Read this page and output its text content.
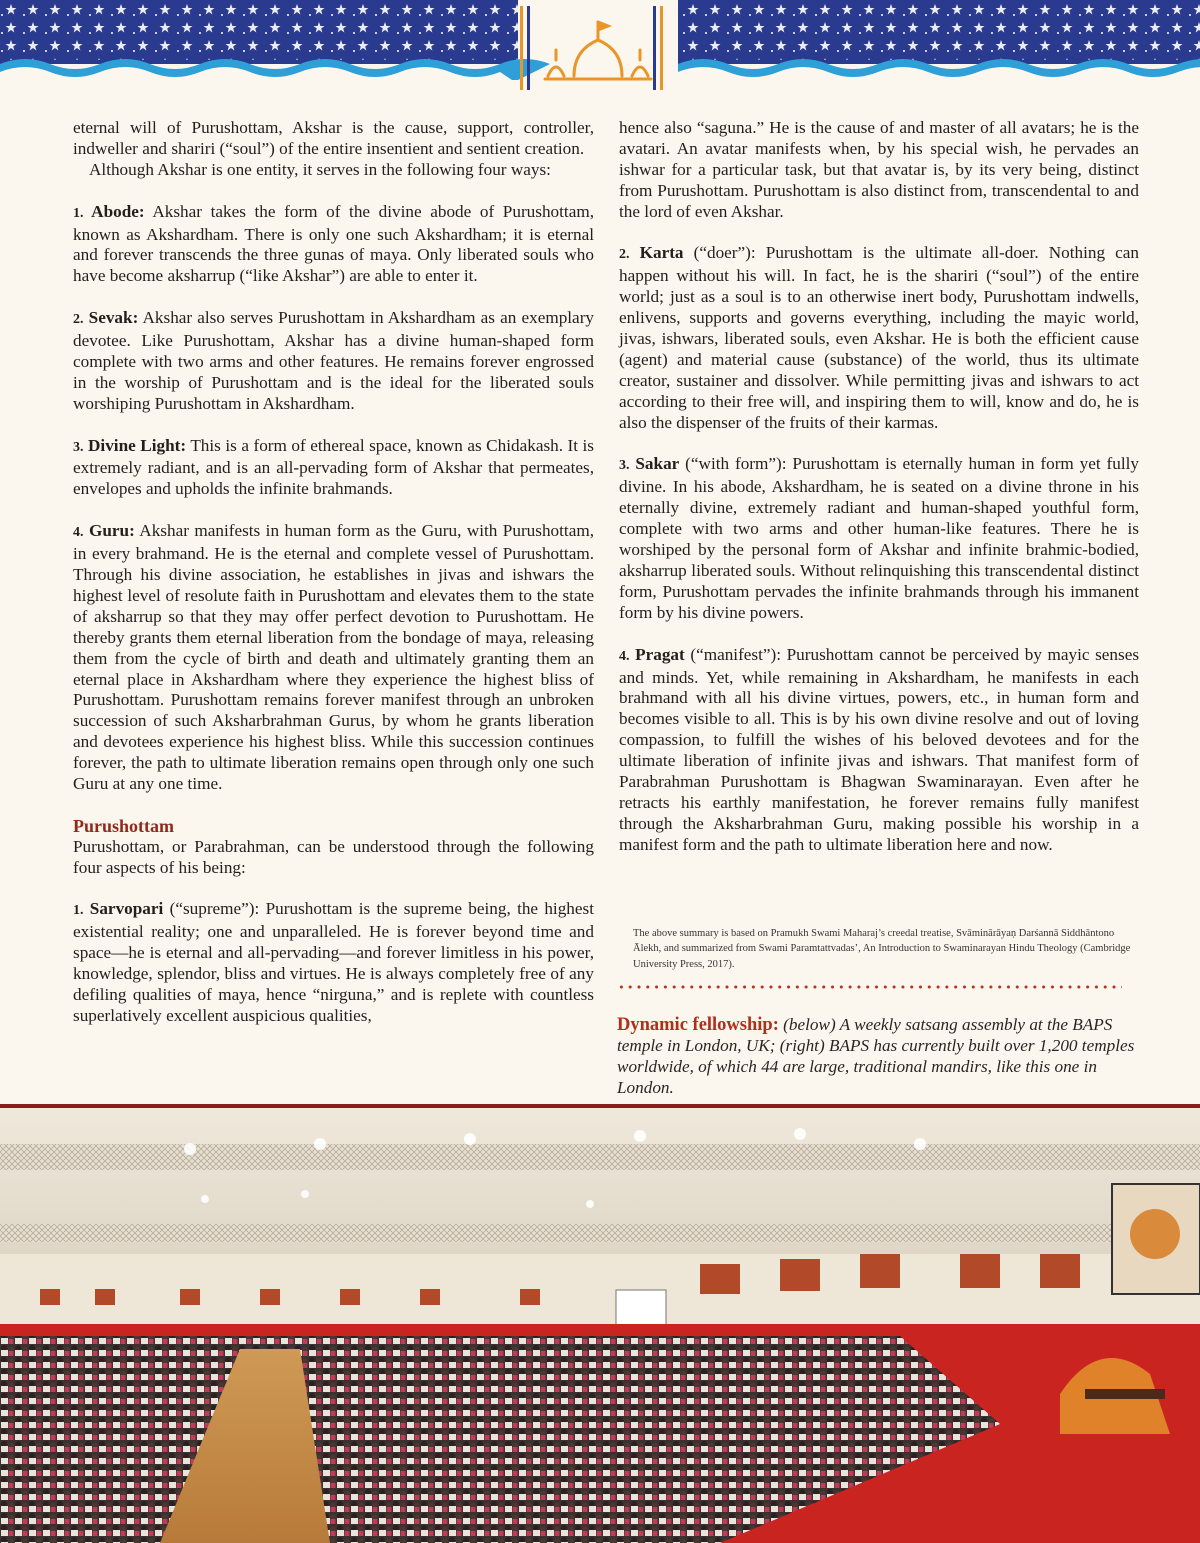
eternal will of Purushottam, Akshar is the cause, support, controller, indweller and shariri (“soul”) of the entire insentient and sentient creation.

Although Akshar is one entity, it serves in the following four ways:

1. Abode: Akshar takes the form of the divine abode of Purushottam, known as Akshardham. There is only one such Akshardham; it is eternal and forever transcends the three gunas of maya. Only liberated souls who have become aksharrup (“like Akshar”) are able to enter it.

2. Sevak: Akshar also serves Purushottam in Akshardham as an exemplary devotee. Like Purushottam, Akshar has a divine human-shaped form complete with two arms and other features. He remains forever engrossed in the worship of Purushottam and is the ideal for the liberated souls worshiping Purushottam in Akshardham.

3. Divine Light: This is a form of ethereal space, known as Chidakash. It is extremely radiant, and is an all-pervading form of Akshar that permeates, envelopes and upholds the infinite brahmands.

4. Guru: Akshar manifests in human form as the Guru, with Purushottam, in every brahmand. He is the eternal and complete vessel of Purushottam. Through his divine association, he establishes in jivas and ishwars the highest level of resolute faith in Purushottam and elevates them to the state of aksharrup so that they may offer perfect devotion to Purushottam. He thereby grants them eternal liberation from the bondage of maya, releasing them from the cycle of birth and death and ultimately granting them an eternal place in Akshardham where they experience the highest bliss of Purushottam. Purushottam remains forever manifest through an unbroken succession of such Aksharbrahman Gurus, by whom he grants liberation and devotees experience his highest bliss. While this succession continues forever, the path to ultimate liberation remains open through only one such Guru at any one time.

Purushottam

Purushottam, or Parabrahman, can be understood through the following four aspects of his being:

1. Sarvopari (“supreme”): Purushottam is the supreme being, the highest existential reality; one and unparalleled. He is forever beyond time and space—he is eternal and all-pervading—and forever limitless in his power, knowledge, splendor, bliss and virtues. He is always completely free of any defiling qualities of maya, hence “nirguna,” and is replete with countless superlatively excellent auspicious qualities,

hence also “saguna.” He is the cause of and master of all avatars; he is the avatari. An avatar manifests when, by his special wish, he pervades an ishwar for a particular task, but that avatar is, by its very being, distinct from Purushottam. Purushottam is also distinct from, transcendental to and the lord of even Akshar.

2. Karta (“doer”): Purushottam is the ultimate all-doer. Nothing can happen without his will. In fact, he is the shariri (“soul”) of the entire world; just as a soul is to an otherwise inert body, Purushottam indwells, enlivens, supports and governs everything, including the mayic world, jivas, ishwars, liberated souls, even Akshar. He is both the efficient cause (agent) and material cause (substance) of the world, thus its ultimate creator, sustainer and dissolver. While permitting jivas and ishwars to act according to their free will, and inspiring them to will, know and do, he is also the dispenser of the fruits of their karmas.

3. Sakar (“with form”): Purushottam is eternally human in form yet fully divine. In his abode, Akshardham, he is seated on a divine throne in his eternally divine, extremely radiant and human-shaped youthful form, complete with two arms and other human-like features. There he is worshiped by the personal form of Akshar and infinite brahmic-bodied, aksharrup liberated souls. Without relinquishing this transcendental distinct form, Purushottam pervades the infinite brahmands through his immanent form by his divine powers.

4. Pragat (“manifest”): Purushottam cannot be perceived by mayic senses and minds. Yet, while remaining in Akshardham, he manifests in each brahmand with all his divine virtues, powers, etc., in human form and becomes visible to all. This is by his own divine resolve and out of loving compassion, to fulfill the wishes of his beloved devotees and for the ultimate liberation of infinite jivas and ishwars. That manifest form of Parabrahman Purushottam is Bhagwan Swaminarayan. Even after he retracts his earthly manifestation, he forever remains fully manifest through the Aksharbrahman Guru, making possible his worship in a manifest form and the path to ultimate liberation here and now.

The above summary is based on Pramukh Swami Maharaj’s creedal treatise, Svāminārāyaṇ Darśannā Siddhāntono Ālekh, and summarized from Swami Paramtattvadas’, An Introduction to Swaminarayan Hindu Theology (Cambridge University Press, 2017).

Dynamic fellowship: (below) A weekly satsang assembly at the BAPS temple in London, UK; (right) BAPS has currently built over 1,200 temples worldwide, of which 44 are large, traditional mandirs, like this one in London.
